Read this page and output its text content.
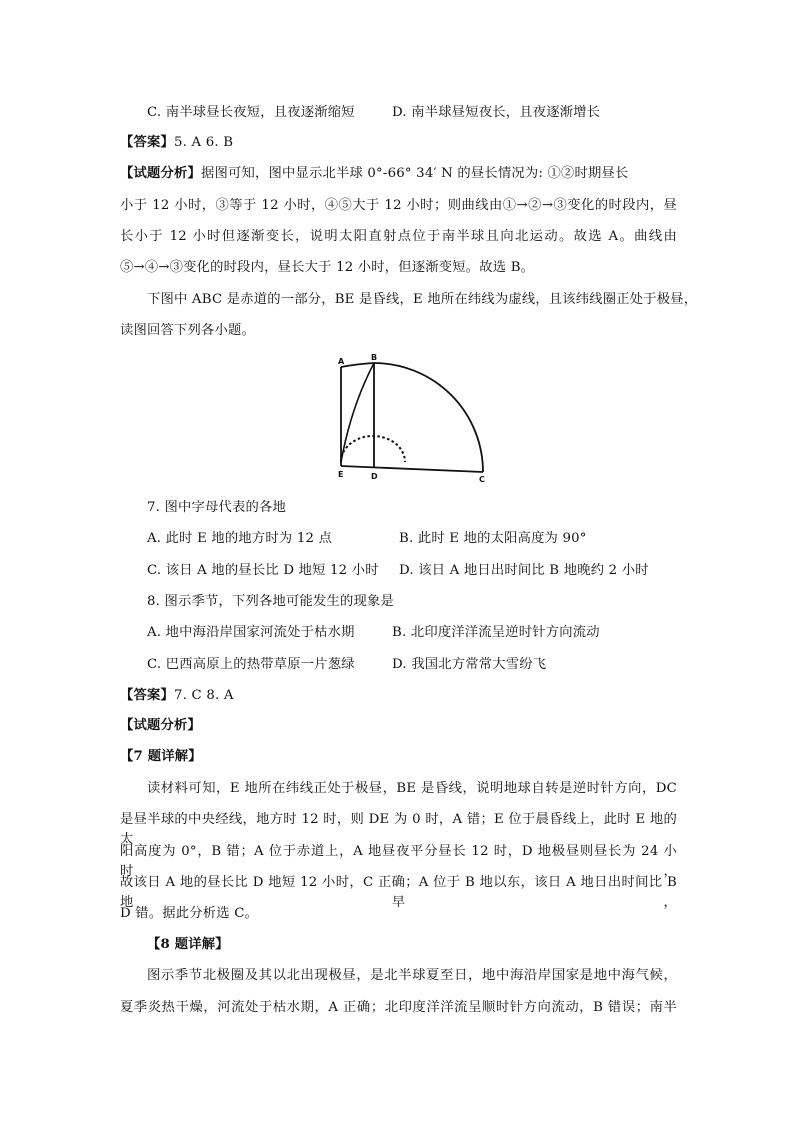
C. 南半球昼长夜短，且夜逐渐缩短	D. 南半球昼短夜长，且夜逐渐增长
【答案】5. A 6. B
【试题分析】据图可知，图中显示北半球 0°-66° 34′ N 的昼长情况为: ①②时期昼长
小于 12 小时，③等于 12 小时，④⑤大于 12 小时；则曲线由①→②→③变化的时段内，昼
长小于 12 小时但逐渐变长，说明太阳直射点位于南半球且向北运动。故选 A。曲线由
⑤→④→③变化的时段内，昼长大于 12 小时，但逐渐变短。故选 B。
下图中 ABC 是赤道的一部分，BE 是昏线，E 地所在纬线为虚线，且该纬线圈正处于极昼，
读图回答下列各小题。
A	B
C
D
E
7. 图中字母代表的各地
A. 此时 E 地的地方时为 12 点	B. 此时 E 地的太阳高度为 90°
C. 该日 A 地的昼长比 D 地短 12 小时 D. 该日 A 地日出时间比 B 地晚约 2 小时
8. 图示季节，下列各地可能发生的现象是
A. 地中海沿岸国家河流处于枯水期	B. 北印度洋洋流呈逆时针方向流动
C. 巴西高原上的热带草原一片葱绿	D. 我国北方常常大雪纷飞
【答案】7. C 8. A
【试题分析】
【7 题详解】
读材料可知，E 地所在纬线正处于极昼，BE 是昏线，说明地球自转是逆时针方向，DC
是昼半球的中央经线，地方时 12 时，则 DE 为 0 时，A 错；E 位于晨昏线上，此时 E 地的太
阳高度为 0°，B 错；A 位于赤道上，A 地昼夜平分昼长 12 时，D 地极昼则昼长为 24 小时，
故该日 A 地的昼长比 D 地短 12 小时，C 正确；A 位于 B 地以东，该日 A 地日出时间比 B 地早，
D 错。据此分析选 C。
【8 题详解】
图示季节北极圈及其以北出现极昼，是北半球夏至日，地中海沿岸国家是地中海气候，
夏季炎热干燥，河流处于枯水期，A 正确；北印度洋洋流呈顺时针方向流动，B 错误；南半
